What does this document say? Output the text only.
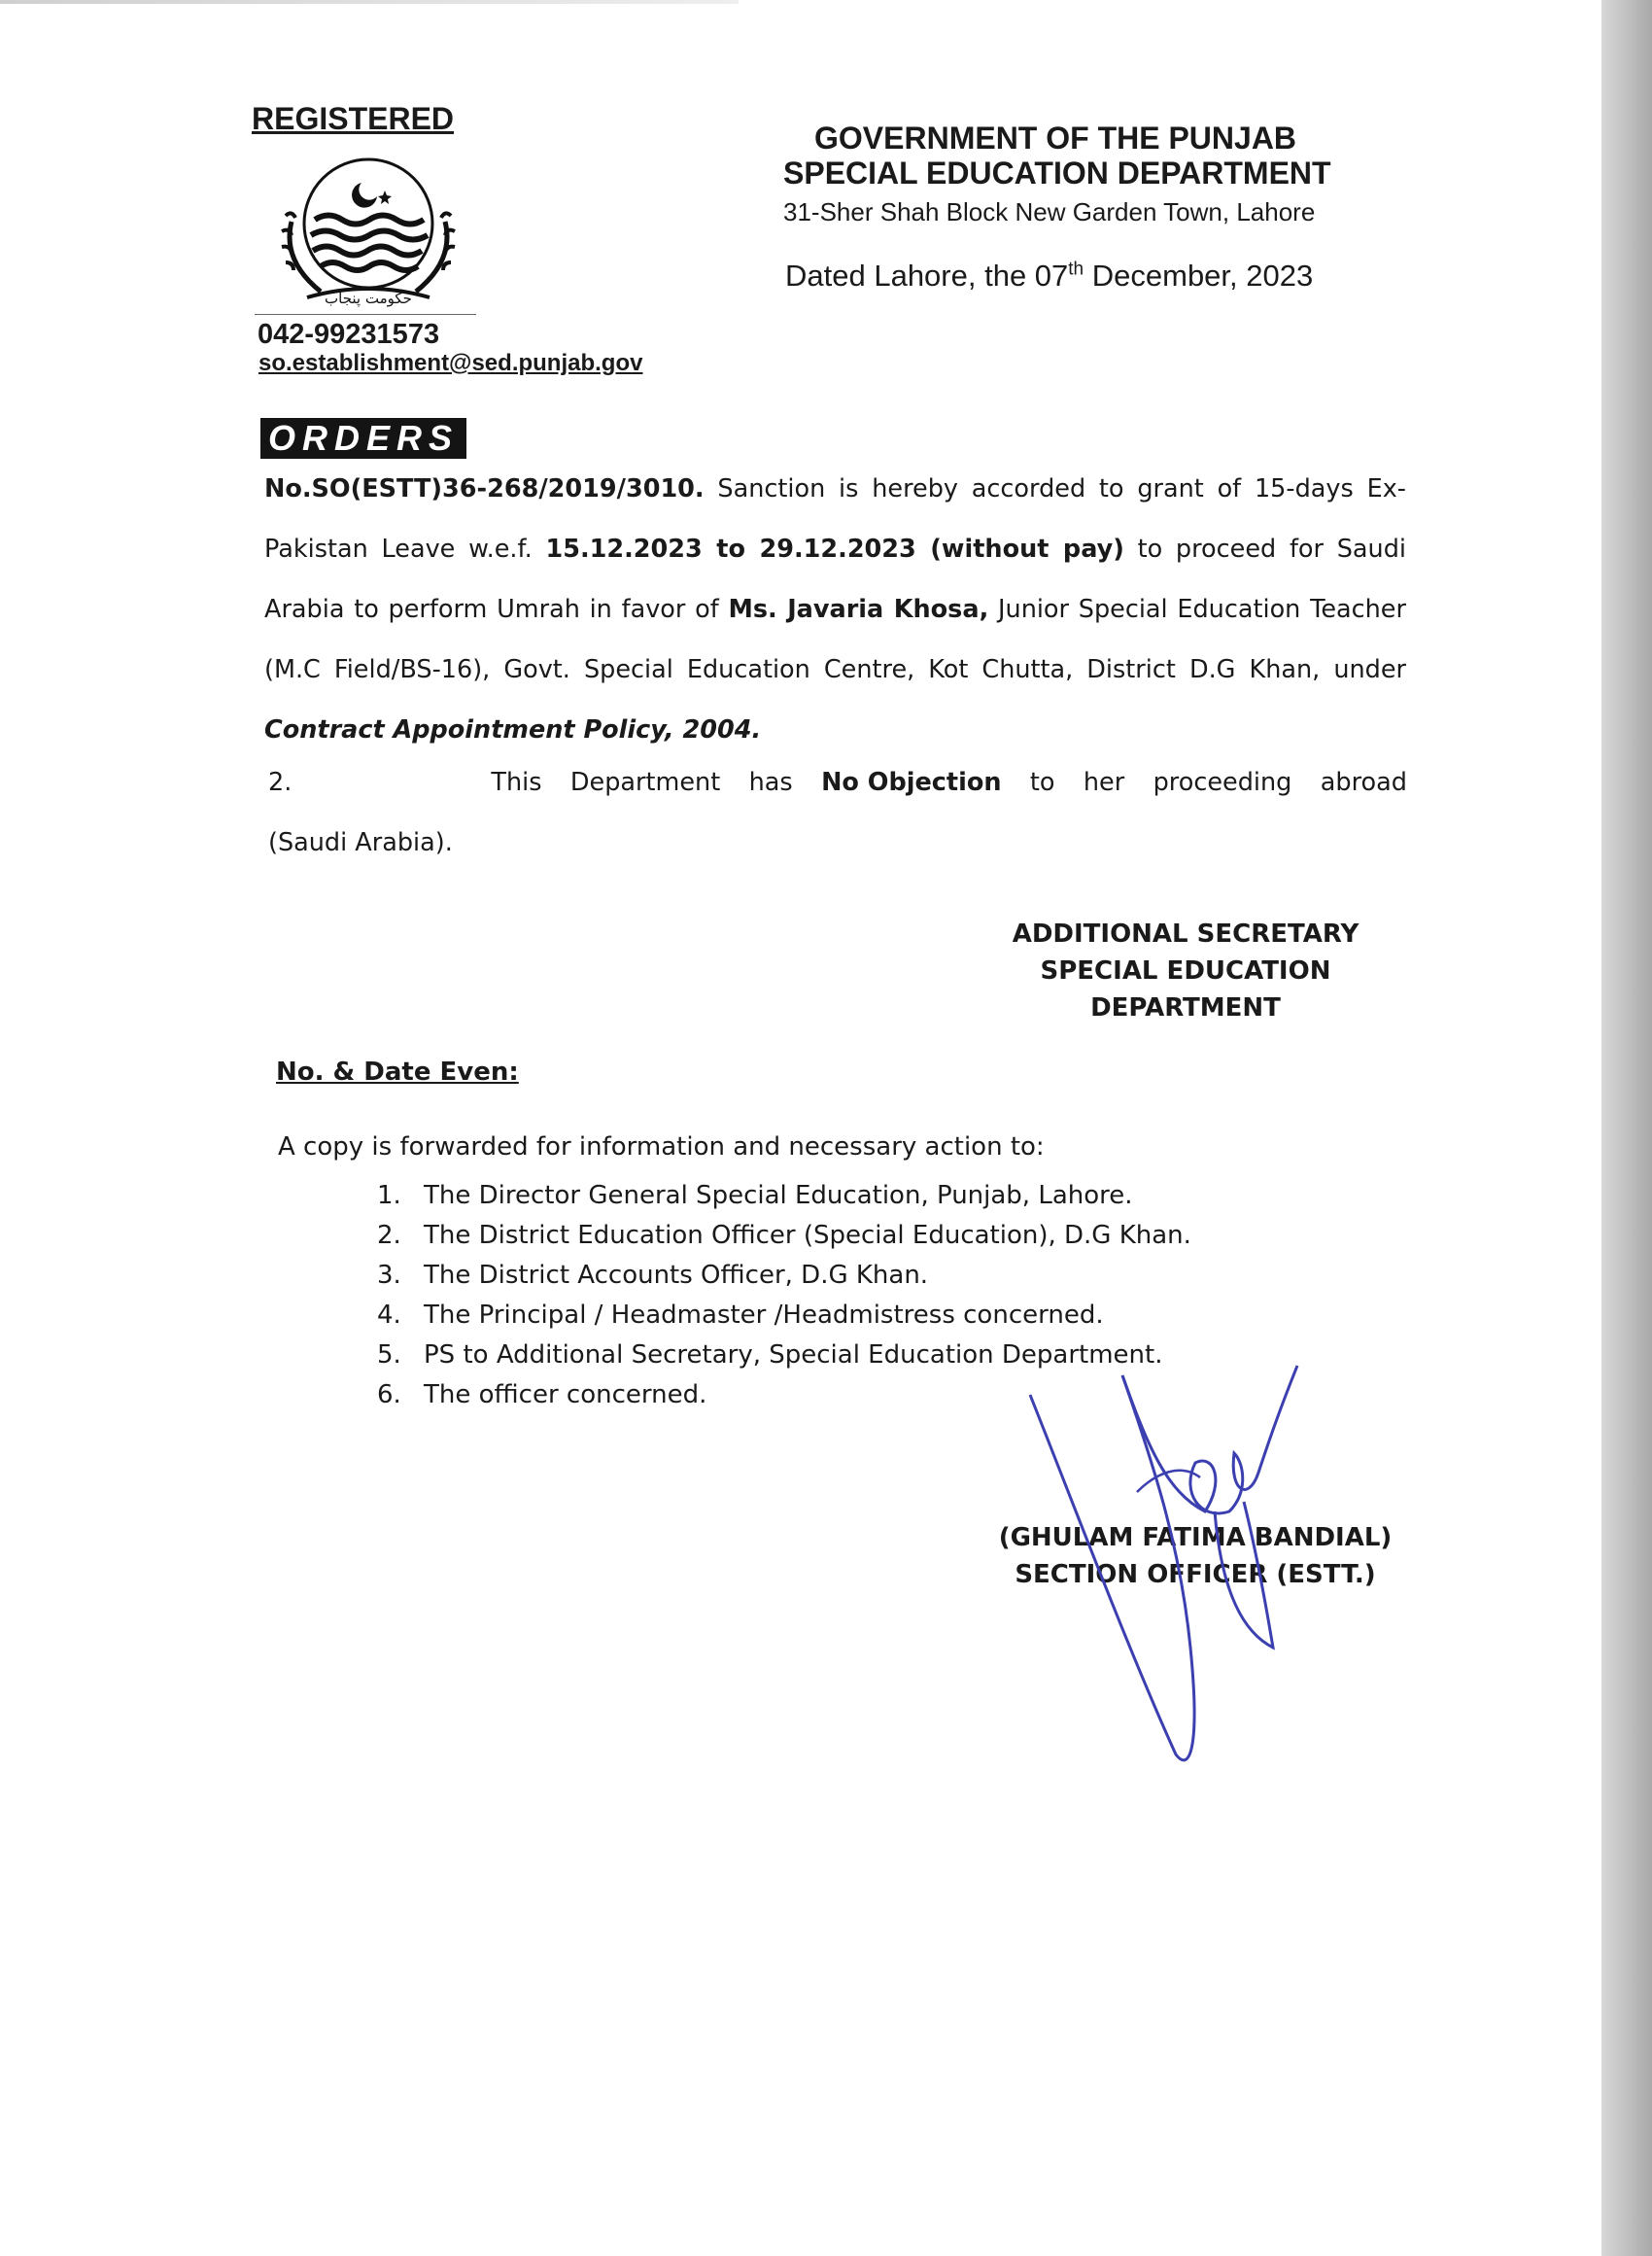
REGISTERED
حکومت پنجاب
042-99231573
so.establishment@sed.punjab.gov
GOVERNMENT OF THE PUNJAB
SPECIAL EDUCATION DEPARTMENT
31-Sher Shah Block New Garden Town, Lahore
Dated Lahore, the 07th December, 2023
ORDERS

No.SO(ESTT)36-268/2019/3010. Sanction is hereby accorded to grant of 15-days Ex-Pakistan Leave w.e.f. 15.12.2023 to 29.12.2023 (without pay) to proceed for Saudi Arabia to perform Umrah in favor of Ms. Javaria Khosa, Junior Special Education Teacher (M.C Field/BS-16), Govt. Special Education Centre, Kot Chutta, District D.G Khan, under Contract Appointment Policy, 2004.

2.	This Department has No Objection to her proceeding abroad
(Saudi Arabia).
ADDITIONAL SECRETARY
SPECIAL EDUCATION
DEPARTMENT
No. & Date Even:
A copy is forwarded for information and necessary action to:
1. The Director General Special Education, Punjab, Lahore.
2. The District Education Officer (Special Education), D.G Khan.
3. The District Accounts Officer, D.G Khan.
4. The Principal / Headmaster /Headmistress concerned.
5. PS to Additional Secretary, Special Education Department.
6. The officer concerned.
(GHULAM FATIMA BANDIAL)
SECTION OFFICER (ESTT.)
